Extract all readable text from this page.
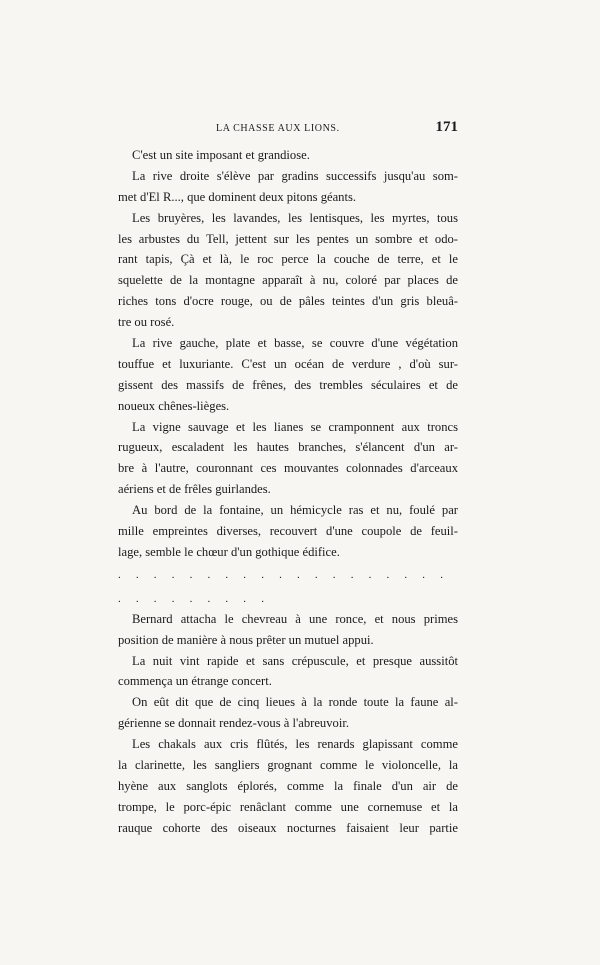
LA CHASSE AUX LIONS.	171
C'est un site imposant et grandiose.
La rive droite s'élève par gradins successifs jusqu'au som-
met d'El R..., que dominent deux pitons géants.
Les bruyères, les lavandes, les lentisques, les myrtes, tous
les arbustes du Tell, jettent sur les pentes un sombre et odo-
rant tapis, Çà et là, le roc perce la couche de terre, et le
squelette de la montagne apparaît à nu, coloré par places de
riches tons d'ocre rouge, ou de pâles teintes d'un gris bleuâ-
tre ou rosé.
La rive gauche, plate et basse, se couvre d'une végétation
touffue et luxuriante. C'est un océan de verdure , d'où sur-
gissent des massifs de frênes, des trembles séculaires et de
noueux chênes-lièges.
La vigne sauvage et les lianes se cramponnent aux troncs
rugueux, escaladent les hautes branches, s'élancent d'un ar-
bre à l'autre, couronnant ces mouvantes colonnades d'arceaux
aériens et de frêles guirlandes.
Au bord de la fontaine, un hémicycle ras et nu, foulé par
mille empreintes diverses, recouvert d'une coupole de feuil-
lage, semble le chœur d'un gothique édifice.
. . . . . . . . . . . . . . . . . . . . . . . . . . . .
Bernard attacha le chevreau à une ronce, et nous primes
position de manière à nous prêter un mutuel appui.
La nuit vint rapide et sans crépuscule, et presque aussitôt
commença un étrange concert.
On eût dit que de cinq lieues à la ronde toute la faune al-
gérienne se donnait rendez-vous à l'abreuvoir.
Les chakals aux cris flûtés, les renards glapissant comme
la clarinette, les sangliers grognant comme le violoncelle, la
hyène aux sanglots éplorés, comme la finale d'un air de
trompe, le porc-épic renâclant comme une cornemuse et la
rauque cohorte des oiseaux nocturnes faisaient leur partie
